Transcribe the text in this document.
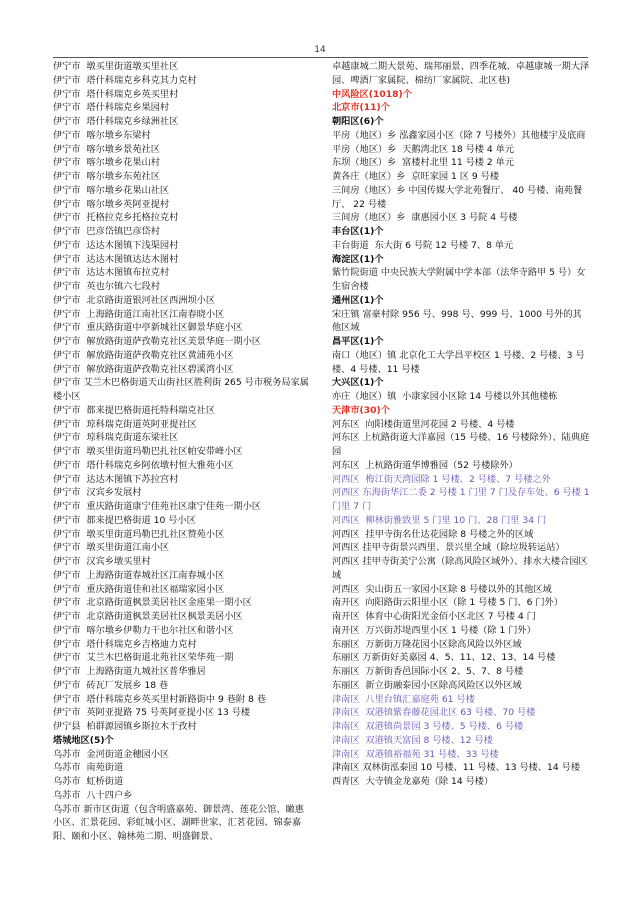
14
伊宁市  墩买里街道墩买里社区
伊宁市  塔什科瑞克乡科克其力克村
伊宁市  塔什科瑞克乡英买里村
伊宁市  塔什科瑞克乡果园村
伊宁市  塔什科瑞克乡绿洲社区
伊宁市  喀尔墩乡东梁村
伊宁市  喀尔墩乡景苑社区
伊宁市  喀尔墩乡花果山村
伊宁市  喀尔墩乡东苑社区
伊宁市  喀尔墩乡花果山社区
伊宁市  喀尔墩乡英阿亚提村
伊宁市  托格拉克乡托格拉克村
伊宁市  巴彦岱镇巴彦岱村
伊宁市  达达木图镇下浅渠园村
伊宁市  达达木图镇达达木图村
伊宁市  达达木图镇布拉克村
伊宁市  英也尔镇六七段村
伊宁市  北京路街道银河社区西洲坝小区
伊宁市  上海路街道江南社区江南春晓小区
伊宁市  重庆路街道中亭新城社区御景华庭小区
伊宁市  解放路街道萨孜勒克社区美景华庭一期小区
伊宁市  解放路街道萨孜勒克社区黄浦苑小区
伊宁市  解放路街道萨孜勒克社区碧溪湾小区
伊宁市 艾兰木巴格街道天山街社区胜利街 265 号市税务局家属楼小区
伊宁市  都来提巴格街道托特科瑞克社区
伊宁市  琼科瑞克街道英阿亚提社区
伊宁市  琼科瑞克街道东梁社区
伊宁市  墩买里街道玛勒巴扎社区帕安带峰小区
伊宁市  塔什科瑞克乡阿依墩村恒大雅苑小区
伊宁市  达达木图镇下苏拉宫村
伊宁市  汉宾乡发展村
伊宁市  重庆路街道康宁佳苑社区康宁佳苑一期小区
伊宁市  都来提巴格街道 10 号小区
伊宁市  墩买里街道玛勒巴扎社区赞苑小区
伊宁市  墩买里街道江南小区
伊宁市  汉宾乡墩买里村
伊宁市  上海路街道春城社区江南春城小区
伊宁市  重庆路街道佳和社区福瑞家园小区
伊宁市  北京路街道枫景美居社区金座果一期小区
伊宁市  北京路街道枫景美居社区枫景美居小区
伊宁市  喀尔墩乡伊勒力干也尔社区和谐小区
伊宁市  塔什科瑞克乡吉格迪力克村
伊宁市  艾兰木巴格街道北苑社区荣华苑一期
伊宁市  上海路街道九城社区普华雅居
伊宁市  砖瓦厂发展乡 18 巷
伊宁市  塔什科瑞克乡英买里村新路街中 9 巷附 8 巷
伊宁市  英阿亚提路 75 号英阿亚提小区 13 号楼
伊宁县  柏群源园镇乡斯拉木于孜村
塔城地区(5)个
乌苏市  金河街道金穗园小区
乌苏市  南苑街道
乌苏市  虹桥街道
乌苏市  八十四户乡
乌苏市 新市区街道（包含明盛嘉苑、御景湾、莲花公馆、瞰惠小区、汇景花园、彩虹城小区、湖畔世家、汇茗花园、锦泰嘉阳、颐和小区、翰林苑二期、明盛御景、
卓越康城二期大景苑、瑞邦丽景、四季花城、卓越康城一期大泽园、啤酒厂家属院、棉纺厂家属院、北区巷)
中风险区(1018)个
北京市(11)个
朝阳区(6)个
平房（地区）乡 泓鑫家园小区（除 7 号楼外）其他楼宇及底商
平房（地区）乡  天鹅湾北区 18 号楼 4 单元
东坝（地区）乡  富楼村北里 11 号楼 2 单元
黄各庄（地区）乡  京旺家园 1 区 9 号楼
三间房（地区）乡 中国传媒大学北苑餐厅、 40 号楼、南苑餐厅、 22 号楼
三间房（地区）乡  康惠园小区 3 号院 4 号楼
丰台区(1)个
丰台街道  东大街 6 号院 12 号楼 7、8 单元
海淀区(1)个
紫竹院街道 中央民族大学附属中学本部（法华寺路甲 5 号）女生宿舍楼
通州区(1)个
宋庄镇 富豪村除 956 号、998 号、999 号、1000 号外的其他区域
昌平区(1)个
南口（地区）镇 北京化工大学昌平校区 1 号楼、2 号楼、3 号楼、4 号楼、11 号楼
大兴区(1)个
亦庄（地区）镇  小康家园小区除 14 号楼以外其他楼栋
天津市(30)个
河东区  向阳楼街道里河花园 2 号楼、4 号楼
河东区 上杭路街道大洋嘉园（15 号楼、16 号楼除外）、陆典庭园
河东区  上杭路街道华博雅园（52 号楼除外）
河西区  梅江街天湾园除 1 号楼、2 号楼、7 号楼之外
河西区 东海街华江二委 2 号楼 1 门里 7 门及存车处、6 号楼 1 门里 7 门
河西区  柳林街雅致里 5 门里 10 门、28 门里 34 门
河西区  挂甲寺街名仕达花园除 8 号楼之外的区域
河西区 挂甲寺街景兴西里、景兴里全域（除垃圾转运站）
河西区 挂甲寺街美宁公寓（除高风险区域外）、排水大楼合园区域
河西区  尖山街五一家园小区除 8 号楼以外的其他区域
南开区  向阳路街云阳里小区（除 1 号楼 5 门、6 门外）
南开区  体育中心街阳光金佰小区北区 7 号楼 4 门
南开区  万兴街苏堤西里小区 1 号楼（除 1 门外）
东丽区  万新街万隆花园小区除高风险以外区域
东丽区 万新街好美嘉园 4、5、11、12、13、14 号楼
东丽区  万新街香邑国际小区 2、5、7、8 号楼
东丽区  新立街融泰园小区除高风险区以外区域
津南区  八里台镇汇嘉庭苑 61 号楼
津南区  双港镇紫春藤花园北区 63 号楼、70 号楼
津南区  双港镇尚景园 3 号楼、5 号楼、6 号楼
津南区  双港镇天富园 8 号楼、12 号楼
津南区  双港镇裕福苑 31 号楼、33 号楼
津南区 双林街泓泰园 10 号楼、11 号楼、13 号楼、14 号楼
西青区  大寺镇金龙嘉苑（除 14 号楼）
